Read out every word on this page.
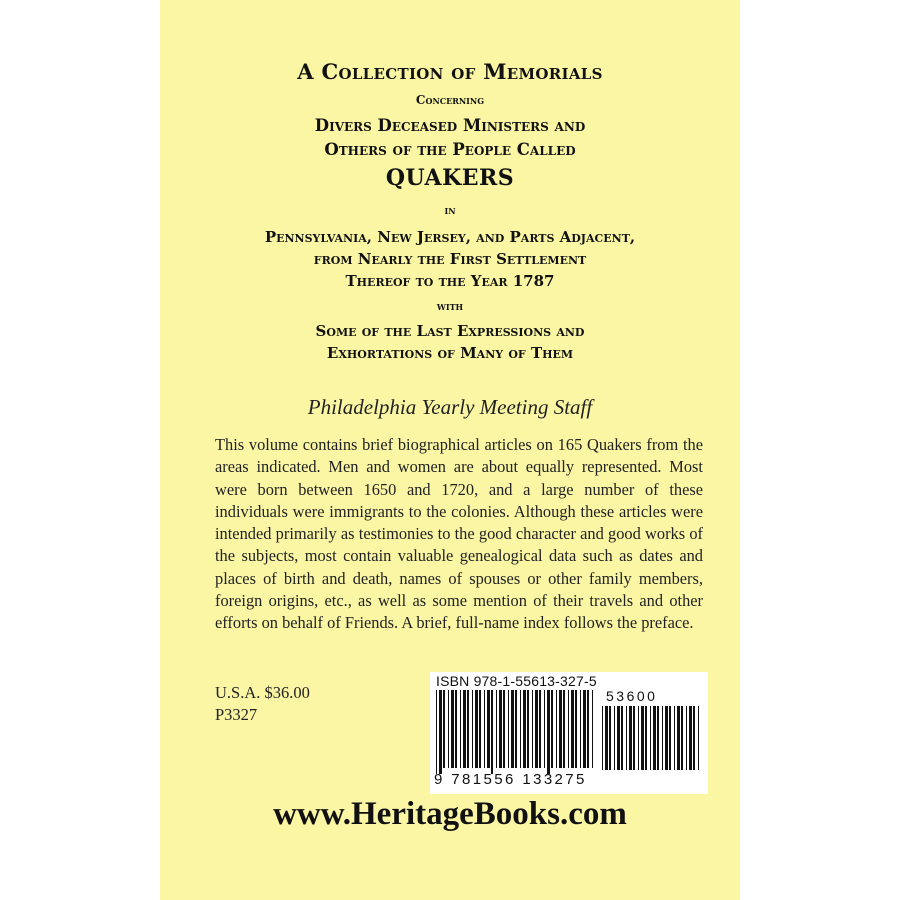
A Collection of Memorials

Concerning

Divers Deceased Ministers and

Others of the People Called

QUAKERS

in

Pennsylvania, New Jersey, and Parts Adjacent,

from Nearly the First Settlement

Thereof to the Year 1787

with

Some of the Last Expressions and

Exhortations of Many of Them

Philadelphia Yearly Meeting Staff

This volume contains brief biographical articles on 165 Quakers from the areas indicated. Men and women are about equally represented. Most were born between 1650 and 1720, and a large number of these individuals were immigrants to the colonies. Although these articles were intended primarily as testimonies to the good character and good works of the subjects, most contain valuable genealogical data such as dates and places of birth and death, names of spouses or other family members, foreign origins, etc., as well as some mention of their travels and other efforts on behalf of Friends. A brief, full-name index follows the preface.

U.S.A. $36.00
P3327
ISBN 978-1-55613-327-5
53600
9 781556 133275
www.HeritageBooks.com
